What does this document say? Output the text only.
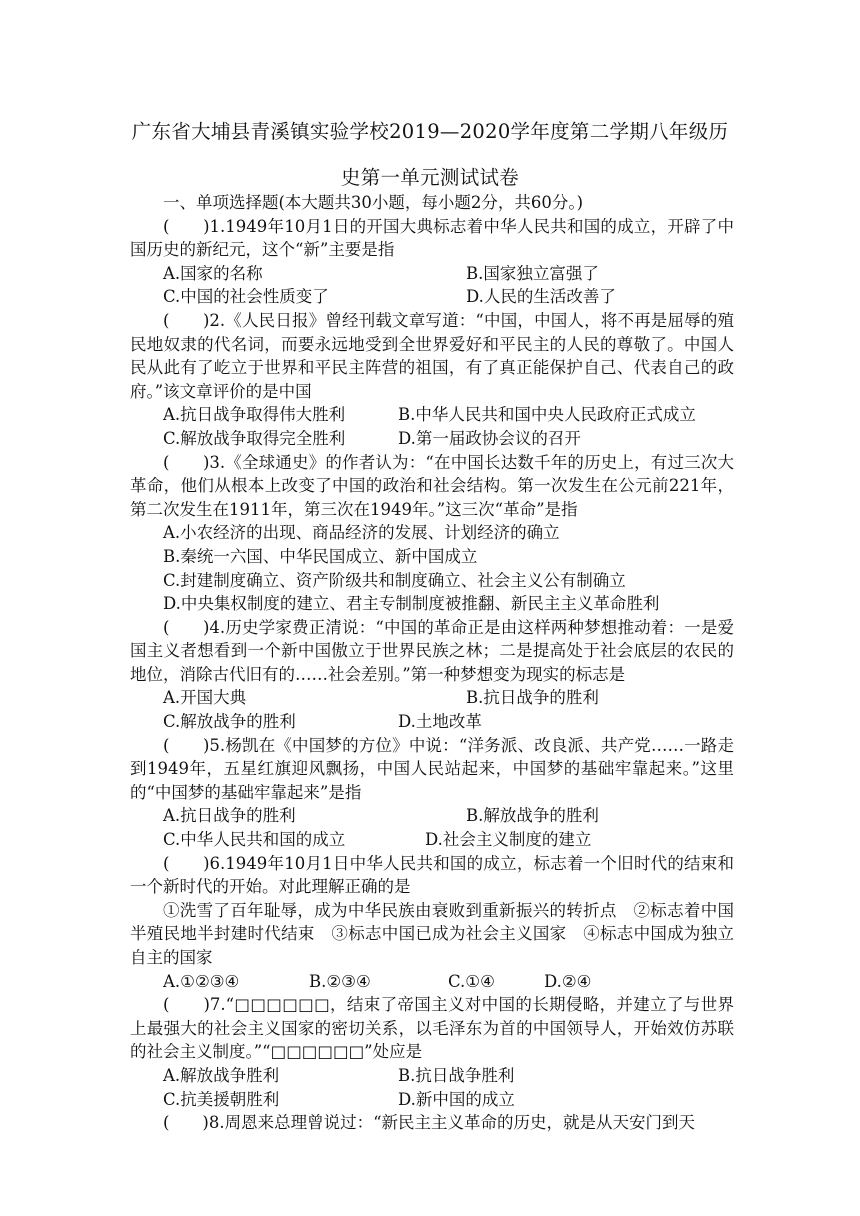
广东省大埔县青溪镇实验学校2019—2020学年度第二学期八年级历
史第一单元测试试卷
一、单项选择题(本大题共30小题，每小题2分，共60分。)
(　　)1.1949年10月1日的开国大典标志着中华人民共和国的成立，开辟了中国历史的新纪元，这个“新”主要是指
A.国家的名称	B.国家独立富强了
C.中国的社会性质变了	D.人民的生活改善了
(　　)2.《人民日报》曾经刊载文章写道：“中国，中国人，将不再是屈辱的殖民地奴隶的代名词，而要永远地受到全世界爱好和平民主的人民的尊敬了。中国人民从此有了屹立于世界和平民主阵营的祖国，有了真正能保护自己、代表自己的政府。”该文章评价的是中国
A.抗日战争取得伟大胜利	B.中华人民共和国中央人民政府正式成立
C.解放战争取得完全胜利	D.第一届政协会议的召开
(　　)3.《全球通史》的作者认为：“在中国长达数千年的历史上，有过三次大革命，他们从根本上改变了中国的政治和社会结构。第一次发生在公元前221年，第二次发生在1911年，第三次在1949年。”这三次“革命”是指
A.小农经济的出现、商品经济的发展、计划经济的确立
B.秦统一六国、中华民国成立、新中国成立
C.封建制度确立、资产阶级共和制度确立、社会主义公有制确立
D.中央集权制度的建立、君主专制制度被推翻、新民主主义革命胜利
(　　)4.历史学家费正清说：“中国的革命正是由这样两种梦想推动着：一是爱国主义者想看到一个新中国傲立于世界民族之林；二是提高处于社会底层的农民的地位，消除古代旧有的……社会差别。”第一种梦想变为现实的标志是
A.开国大典	B.抗日战争的胜利
C.解放战争的胜利	D.土地改革
(　　)5.杨凯在《中国梦的方位》中说：“洋务派、改良派、共产党……一路走到1949年，五星红旗迎风飘扬，中国人民站起来，中国梦的基础牢靠起来。”这里的“中国梦的基础牢靠起来”是指
A.抗日战争的胜利	B.解放战争的胜利
C.中华人民共和国的成立	D.社会主义制度的建立
(　　)6.1949年10月1日中华人民共和国的成立，标志着一个旧时代的结束和一个新时代的开始。对此理解正确的是
①洗雪了百年耻辱，成为中华民族由衰败到重新振兴的转折点　②标志着中国半殖民地半封建时代结束　③标志中国已成为社会主义国家　④标志中国成为独立自主的国家
A.①②③④	B.②③④	C.①④	D.②④
(　　)7.“□□□□□□，结束了帝国主义对中国的长期侵略，并建立了与世界上最强大的社会主义国家的密切关系，以毛泽东为首的中国领导人，开始效仿苏联的社会主义制度。”“□□□□□□”处应是
A.解放战争胜利	B.抗日战争胜利
C.抗美援朝胜利	D.新中国的成立
(　　)8.周恩来总理曾说过：“新民主主义革命的历史，就是从天安门到天
